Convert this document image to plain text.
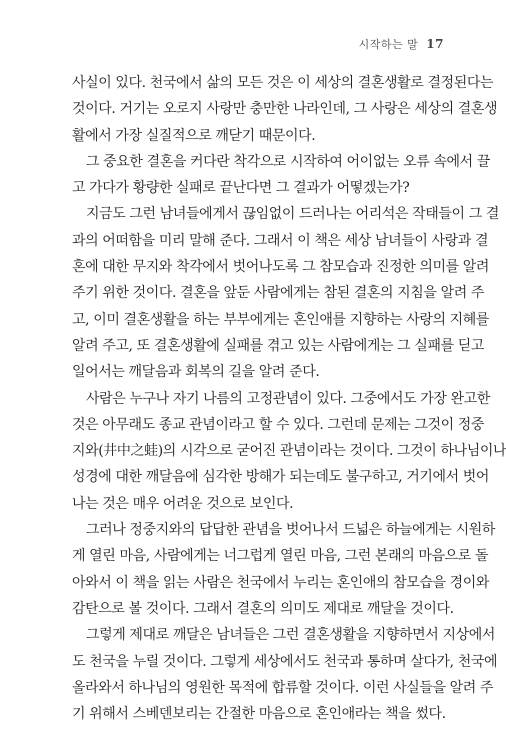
시작하는 말 17
사실이 있다. 천국에서 삶의 모든 것은 이 세상의 결혼생활로 결정된다는
것이다. 거기는 오로지 사랑만 충만한 나라인데, 그 사랑은 세상의 결혼생
활에서 가장 실질적으로 깨닫기 때문이다.
그 중요한 결혼을 커다란 착각으로 시작하여 어이없는 오류 속에서 끌
고 가다가 황량한 실패로 끝난다면 그 결과가 어떻겠는가?
지금도 그런 남녀들에게서 끊임없이 드러나는 어리석은 작태들이 그 결
과의 어떠함을 미리 말해 준다. 그래서 이 책은 세상 남녀들이 사랑과 결
혼에 대한 무지와 착각에서 벗어나도록 그 참모습과 진정한 의미를 알려
주기 위한 것이다. 결혼을 앞둔 사람에게는 참된 결혼의 지침을 알려 주
고, 이미 결혼생활을 하는 부부에게는 혼인애를 지향하는 사랑의 지혜를
알려 주고, 또 결혼생활에 실패를 겪고 있는 사람에게는 그 실패를 딛고
일어서는 깨달음과 회복의 길을 알려 준다.
사람은 누구나 자기 나름의 고정관념이 있다. 그중에서도 가장 완고한
것은 아무래도 종교 관념이라고 할 수 있다. 그런데 문제는 그것이 정중
지와(井中之蛙)의 시각으로 굳어진 관념이라는 것이다. 그것이 하나님이나
성경에 대한 깨달음에 심각한 방해가 되는데도 불구하고, 거기에서 벗어
나는 것은 매우 어려운 것으로 보인다.
그러나 정중지와의 답답한 관념을 벗어나서 드넓은 하늘에게는 시원하
게 열린 마음, 사람에게는 너그럽게 열린 마음, 그런 본래의 마음으로 돌
아와서 이 책을 읽는 사람은 천국에서 누리는 혼인애의 참모습을 경이와
감탄으로 볼 것이다. 그래서 결혼의 의미도 제대로 깨달을 것이다.
그렇게 제대로 깨달은 남녀들은 그런 결혼생활을 지향하면서 지상에서
도 천국을 누릴 것이다. 그렇게 세상에서도 천국과 통하며 살다가, 천국에
올라와서 하나님의 영원한 목적에 합류할 것이다. 이런 사실들을 알려 주
기 위해서 스베덴보리는 간절한 마음으로 혼인애라는 책을 썼다.
